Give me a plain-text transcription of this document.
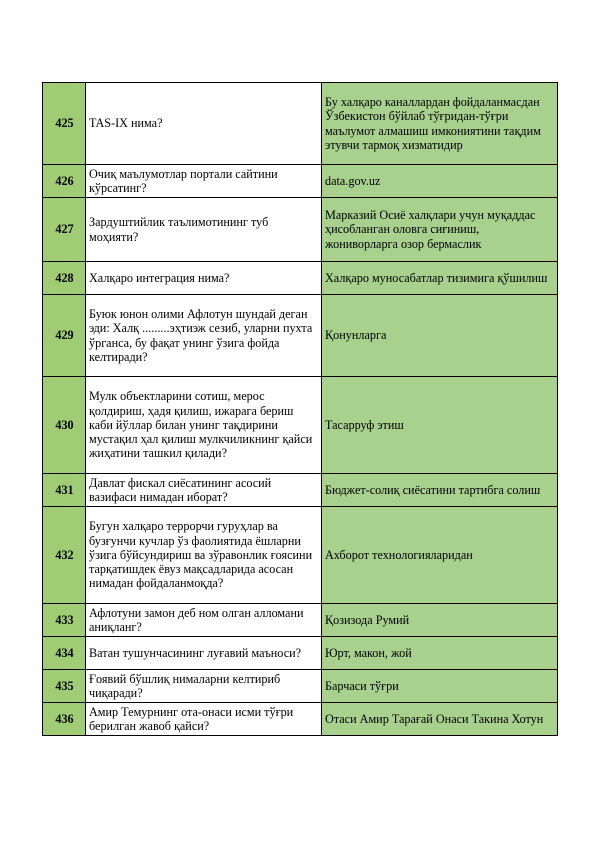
425	TAS-IX нима?	Бу халқаро каналлардан фойдаланмасдан Ўзбекистон бўйлаб тўғридан-тўғри маълумот алмашиш имкониятини тақдим этувчи тармоқ хизматидир
426	Очиқ маълумотлар портали сайтини кўрсатинг?	data.gov.uz
427	Зардуштийлик таълимотининг туб моҳияти?	Марказий Осиё халқлари учун муқаддас ҳисобланган оловга сиғиниш, жониворларга озор бермаслик
428	Халқаро интеграция нима?	Халқаро муносабатлар тизимига қўшилиш
429	Буюк юнон олими Афлотун шундай деган эди: Халқ .........эҳтиэж сезиб, уларни пухта ўрганса, бу фақат унинг ўзига фойда келтиради?	Қонунларга
430	Мулк объектларини сотиш, мерос қолдириш, ҳадя қилиш, ижарага бериш каби йўллар билан унинг тақдирини мустақил ҳал қилиш мулкчиликнинг қайси жиҳатини ташкил қилади?	Тасарруф этиш
431	Давлат фискал сиёсатининг асосий вазифаси нимадан иборат?	Бюджет-солиқ сиёсатини тартибга солиш
432	Бугун халқаро террорчи гуруҳлар ва бузғунчи кучлар ўз фаолиятида ёшларни ўзига бўйсундириш ва зўравонлик ғоясини тарқатишдек ёвуз мақсадларида асосан нимадан фойдаланмоқда?	Ахборот технологияларидан
433	Афлотуни замон деб ном олган алломани аниқланг?	Қозизода Румий
434	Ватан тушунчасининг луғавий маъноси?	Юрт, макон, жой
435	Ғоявий бўшлиқ нималарни келтириб чиқаради?	Барчаси тўғри
436	Амир Темурнинг ота-онаси исми тўғри берилган жавоб қайси?	Отаси Амир Тарағай Онаси Такина Хотун
